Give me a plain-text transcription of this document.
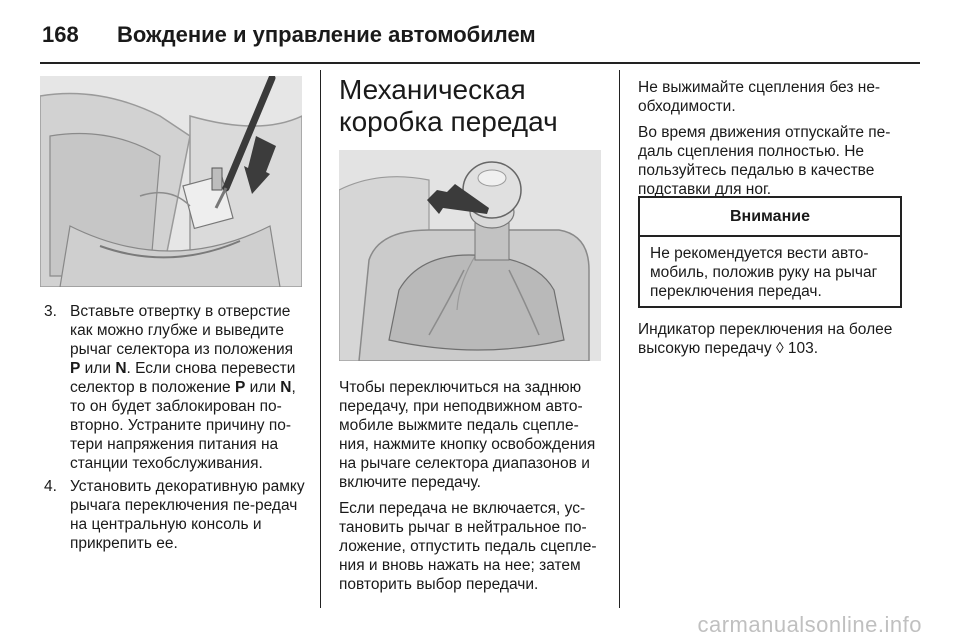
168 Вождение и управление автомобилем
3. Вставьте отвертку в отверстие как можно глубже и выведите рычаг селектора из положения P или N. Если снова перевести селектор в положение P или N, то он будет заблокирован по-вторно. Устраните причину по-тери напряжения питания на станции техобслуживания.
4. Установить декоративную рамку рычага переключения пе-редач на центральную консоль и прикрепить ее.
Механическая коробка передач

Чтобы переключиться на заднюю передачу, при неподвижном авто-мобиле выжмите педаль сцепле-ния, нажмите кнопку освобождения на рычаге селектора диапазонов и включите передачу.

Если передача не включается, ус-тановить рычаг в нейтральное по-ложение, отпустить педаль сцепле-ния и вновь нажать на нее; затем повторить выбор передачи.

Не выжимайте сцепления без не-обходимости.

Во время движения отпускайте пе-даль сцепления полностью. Не пользуйтесь педалью в качестве подставки для ног.

Внимание
Не рекомендуется вести авто-мобиль, положив руку на рычаг переключения передач.

Индикатор переключения на более высокую передачу ◊ 103.

carmanualsonline.info
